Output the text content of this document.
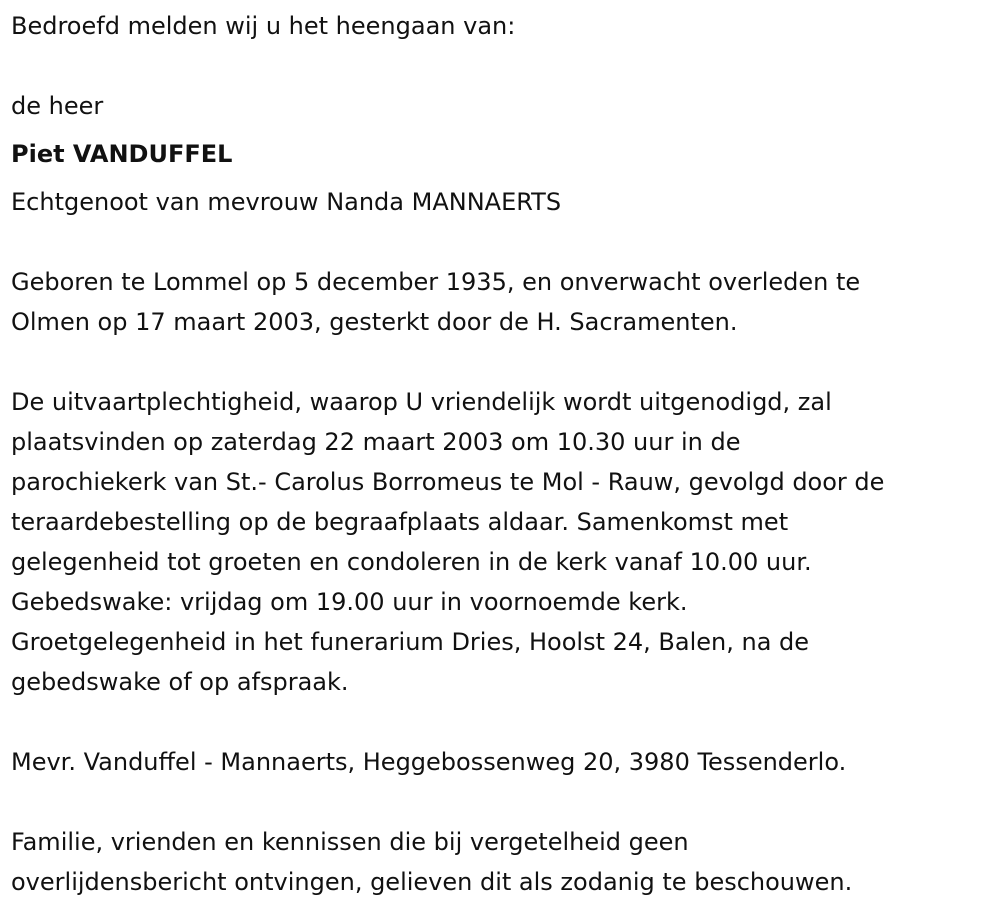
Bedroefd melden wij u het heengaan van:

de heer

Piet VANDUFFEL

Echtgenoot van mevrouw Nanda MANNAERTS

Geboren te Lommel op 5 december 1935, en onverwacht overleden te

Olmen op 17 maart 2003, gesterkt door de H. Sacramenten.

De uitvaartplechtigheid, waarop U vriendelijk wordt uitgenodigd, zal

plaatsvinden op zaterdag 22 maart 2003 om 10.30 uur in de

parochiekerk van St.- Carolus Borromeus te Mol - Rauw, gevolgd door de

teraardebestelling op de begraafplaats aldaar. Samenkomst met

gelegenheid tot groeten en condoleren in de kerk vanaf 10.00 uur.

Gebedswake: vrijdag om 19.00 uur in voornoemde kerk.

Groetgelegenheid in het funerarium Dries, Hoolst 24, Balen, na de

gebedswake of op afspraak.

Mevr. Vanduffel - Mannaerts, Heggebossenweg 20, 3980 Tessenderlo.

Familie, vrienden en kennissen die bij vergetelheid geen

overlijdensbericht ontvingen, gelieven dit als zodanig te beschouwen.
